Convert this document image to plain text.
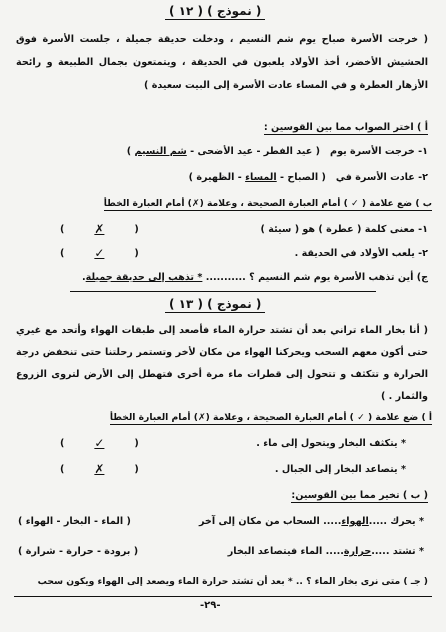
( نموذج ) ( ١٢ )
( خرجت الأسرة صباح يوم شم النسيم ، ودخلت حديقة جميلة ، جلست الأسرة فوق الحشيش الأخضر، أخذ الأولاد يلعبون في الحديقة ، ويتمتعون بجمال الطبيعة و رائحة الأزهار العطرة و في المساء عادت الأسرة إلى البيت سعيدة )
أ ) اختر الصواب مما بين القوسين :
١- خرجت الأسرة يوم   ( عيد الفطر - عيد الأضحى - شم النسيم )
٢- عادت الأسرة في   ( الصباح - المساء - الظهيرة )
ب ) ضع علامة ( ✓ ) أمام العبارة الصحيحة ، وعلامة (✗) أمام العبارة الخطأ
١- معنى كلمة ( عطرة ) هو ( سيئة )
(
✗
)
٢- يلعب الأولاد في الحديقة .
(
✓
)
ج) أين تذهب الأسرة يوم شم النسيم ؟ ........... * تذهب إلى حديقة جميلة.
( نموذج ) ( ١٣ )
( أنا بخار الماء تراني بعد أن تشتد حرارة الماء فأصعد إلى طبقات الهواء وأتحد مع غيري حتى أكون معهم السحب ويحركنا الهواء من مكان لأخر وتستمر رحلتنا حتى تنخفض درجة الحرارة و تتكثف و تتحول إلى قطرات ماء مرة أخرى فتهطل إلى الأرض لتروى الزروع والثمار . )
أ ) ضع علامة ( ✓ ) أمام العبارة الصحيحة ، وعلامة (✗) أمام العبارة الخطأ
* يتكثف البخار ويتحول إلى ماء .
(
✓
)
* يتصاعد البخار إلى الجبال .
(
✗
)
( ب ) تخير مما بين القوسين:
* يحرك .....
الهواء
..... السحاب من مكان إلى آخر
( الماء - البخار - الهواء )
* تشتد .....
حرارة
..... الماء فيتصاعد البخار
( برودة - حرارة - شرارة )
( جـ ) متى نرى بخار الماء ؟ .. * بعد أن تشتد حرارة الماء ويصعد إلى الهواء ويكون سحب
-٢٩-
